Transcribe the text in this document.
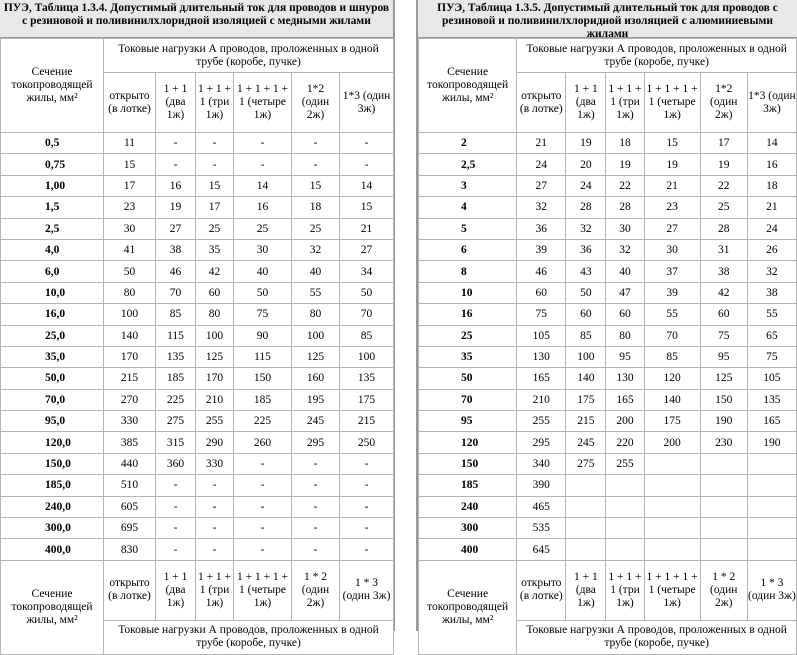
ПУЭ, Таблица 1.3.4. Допустимый длительный ток для проводов и шнуров с резиновой и поливинилхлоридной изоляцией с медными жилами
Сечение токопроводящей жилы, мм²	Токовые нагрузки А проводов, проложенных в одной трубе (коробе, пучке)					
	открыто (в лотке)	1 + 1 (два 1ж)	1 + 1 + 1 (три 1ж)	1 + 1 + 1 + 1 (четыре 1ж)	1*2 (один 2ж)	1*3 (один 3ж)
0,5	11	-	-	-	-	-
0,75	15	-	-	-	-	-
1,00	17	16	15	14	15	14
1,5	23	19	17	16	18	15
2,5	30	27	25	25	25	21
4,0	41	38	35	30	32	27
6,0	50	46	42	40	40	34
10,0	80	70	60	50	55	50
16,0	100	85	80	75	80	70
25,0	140	115	100	90	100	85
35,0	170	135	125	115	125	100
50,0	215	185	170	150	160	135
70,0	270	225	210	185	195	175
95,0	330	275	255	225	245	215
120,0	385	315	290	260	295	250
150,0	440	360	330	-	-	-
185,0	510	-	-	-	-	-
240,0	605	-	-	-	-	-
300,0	695	-	-	-	-	-
400,0	830	-	-	-	-	-
Сечение токопроводящей жилы, мм²	открыто (в лотке)	1 + 1 (два 1ж)	1 + 1 + 1 (три 1ж)	1 + 1 + 1 + 1 (четыре 1ж)	1 * 2 (один 2ж)	1 * 3 (один 3ж)
	Токовые нагрузки А проводов, проложенных в одной трубе (коробе, пучке)					
ПУЭ, Таблица 1.3.5. Допустимый длительный ток для проводов с резиновой и поливинилхлоридной изоляцией с алюминиевыми жилами
Сечение токопроводящей жилы, мм²	Токовые нагрузки А проводов, проложенных в одной трубе (коробе, пучке)					
	открыто (в лотке)	1 + 1 (два 1ж)	1 + 1 + 1 (три 1ж)	1 + 1 + 1 + 1 (четыре 1ж)	1*2 (один 2ж)	1*3 (один 3ж)
2	21	19	18	15	17	14
2,5	24	20	19	19	19	16
3	27	24	22	21	22	18
4	32	28	28	23	25	21
5	36	32	30	27	28	24
6	39	36	32	30	31	26
8	46	43	40	37	38	32
10	60	50	47	39	42	38
16	75	60	60	55	60	55
25	105	85	80	70	75	65
35	130	100	95	85	95	75
50	165	140	130	120	125	105
70	210	175	165	140	150	135
95	255	215	200	175	190	165
120	295	245	220	200	230	190
150	340	275	255			
185	390					
240	465					
300	535					
400	645					
Сечение токопроводящей жилы, мм²	открыто (в лотке)	1 + 1 (два 1ж)	1 + 1 + 1 (три 1ж)	1 + 1 + 1 + 1 (четыре 1ж)	1 * 2 (один 2ж)	1 * 3 (один 3ж)
	Токовые нагрузки А проводов, проложенных в одной трубе (коробе, пучке)					
